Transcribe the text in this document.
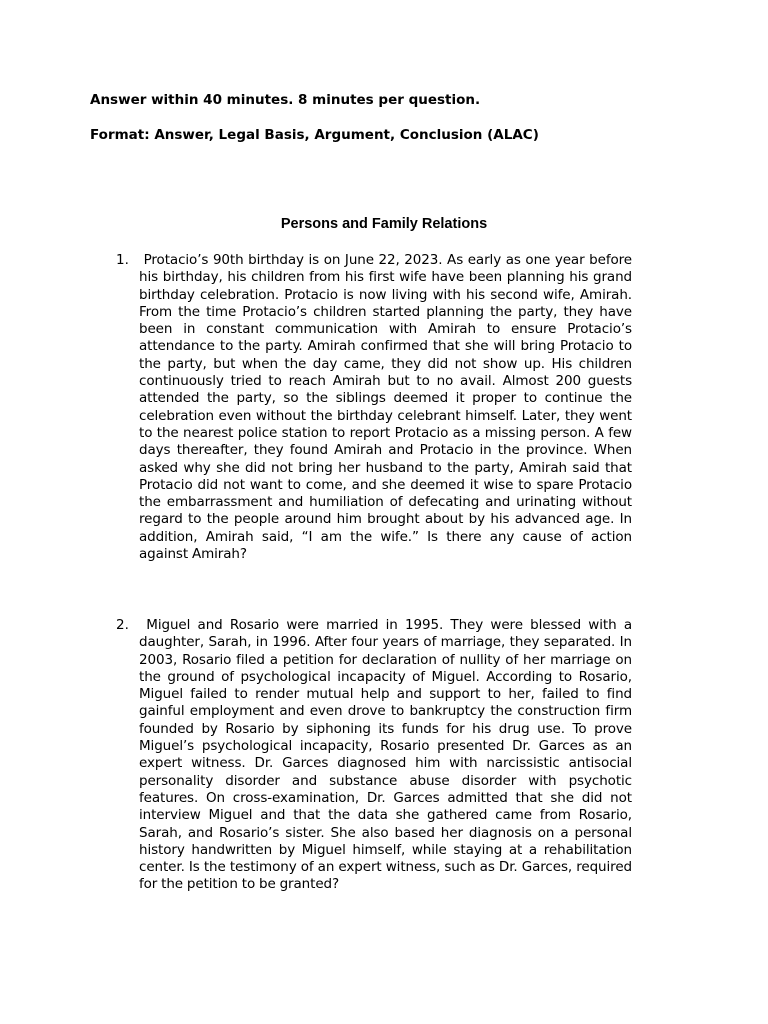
Answer within 40 minutes. 8 minutes per question.
Format: Answer, Legal Basis, Argument, Conclusion (ALAC)
Persons and Family Relations
1. Protacio’s 90th birthday is on June 22, 2023. As early as one year before his birthday, his children from his first wife have been planning his grand birthday celebration. Protacio is now living with his second wife, Amirah. From the time Protacio’s children started planning the party, they have been in constant communication with Amirah to ensure Protacio’s attendance to the party. Amirah confirmed that she will bring Protacio to the party, but when the day came, they did not show up. His children continuously tried to reach Amirah but to no avail. Almost 200 guests attended the party, so the siblings deemed it proper to continue the celebration even without the birthday celebrant himself. Later, they went to the nearest police station to report Protacio as a missing person. A few days thereafter, they found Amirah and Protacio in the province. When asked why she did not bring her husband to the party, Amirah said that Protacio did not want to come, and she deemed it wise to spare Protacio the embarrassment and humiliation of defecating and urinating without regard to the people around him brought about by his advanced age. In addition, Amirah said, “I am the wife.” Is there any cause of action against Amirah?

2. Miguel and Rosario were married in 1995. They were blessed with a daughter, Sarah, in 1996. After four years of marriage, they separated. In 2003, Rosario filed a petition for declaration of nullity of her marriage on the ground of psychological incapacity of Miguel. According to Rosario, Miguel failed to render mutual help and support to her, failed to find gainful employment and even drove to bankruptcy the construction firm founded by Rosario by siphoning its funds for his drug use. To prove Miguel’s psychological incapacity, Rosario presented Dr. Garces as an expert witness. Dr. Garces diagnosed him with narcissistic antisocial personality disorder and substance abuse disorder with psychotic features. On cross-examination, Dr. Garces admitted that she did not interview Miguel and that the data she gathered came from Rosario, Sarah, and Rosario’s sister. She also based her diagnosis on a personal history handwritten by Miguel himself, while staying at a rehabilitation center. Is the testimony of an expert witness, such as Dr. Garces, required for the petition to be granted?
